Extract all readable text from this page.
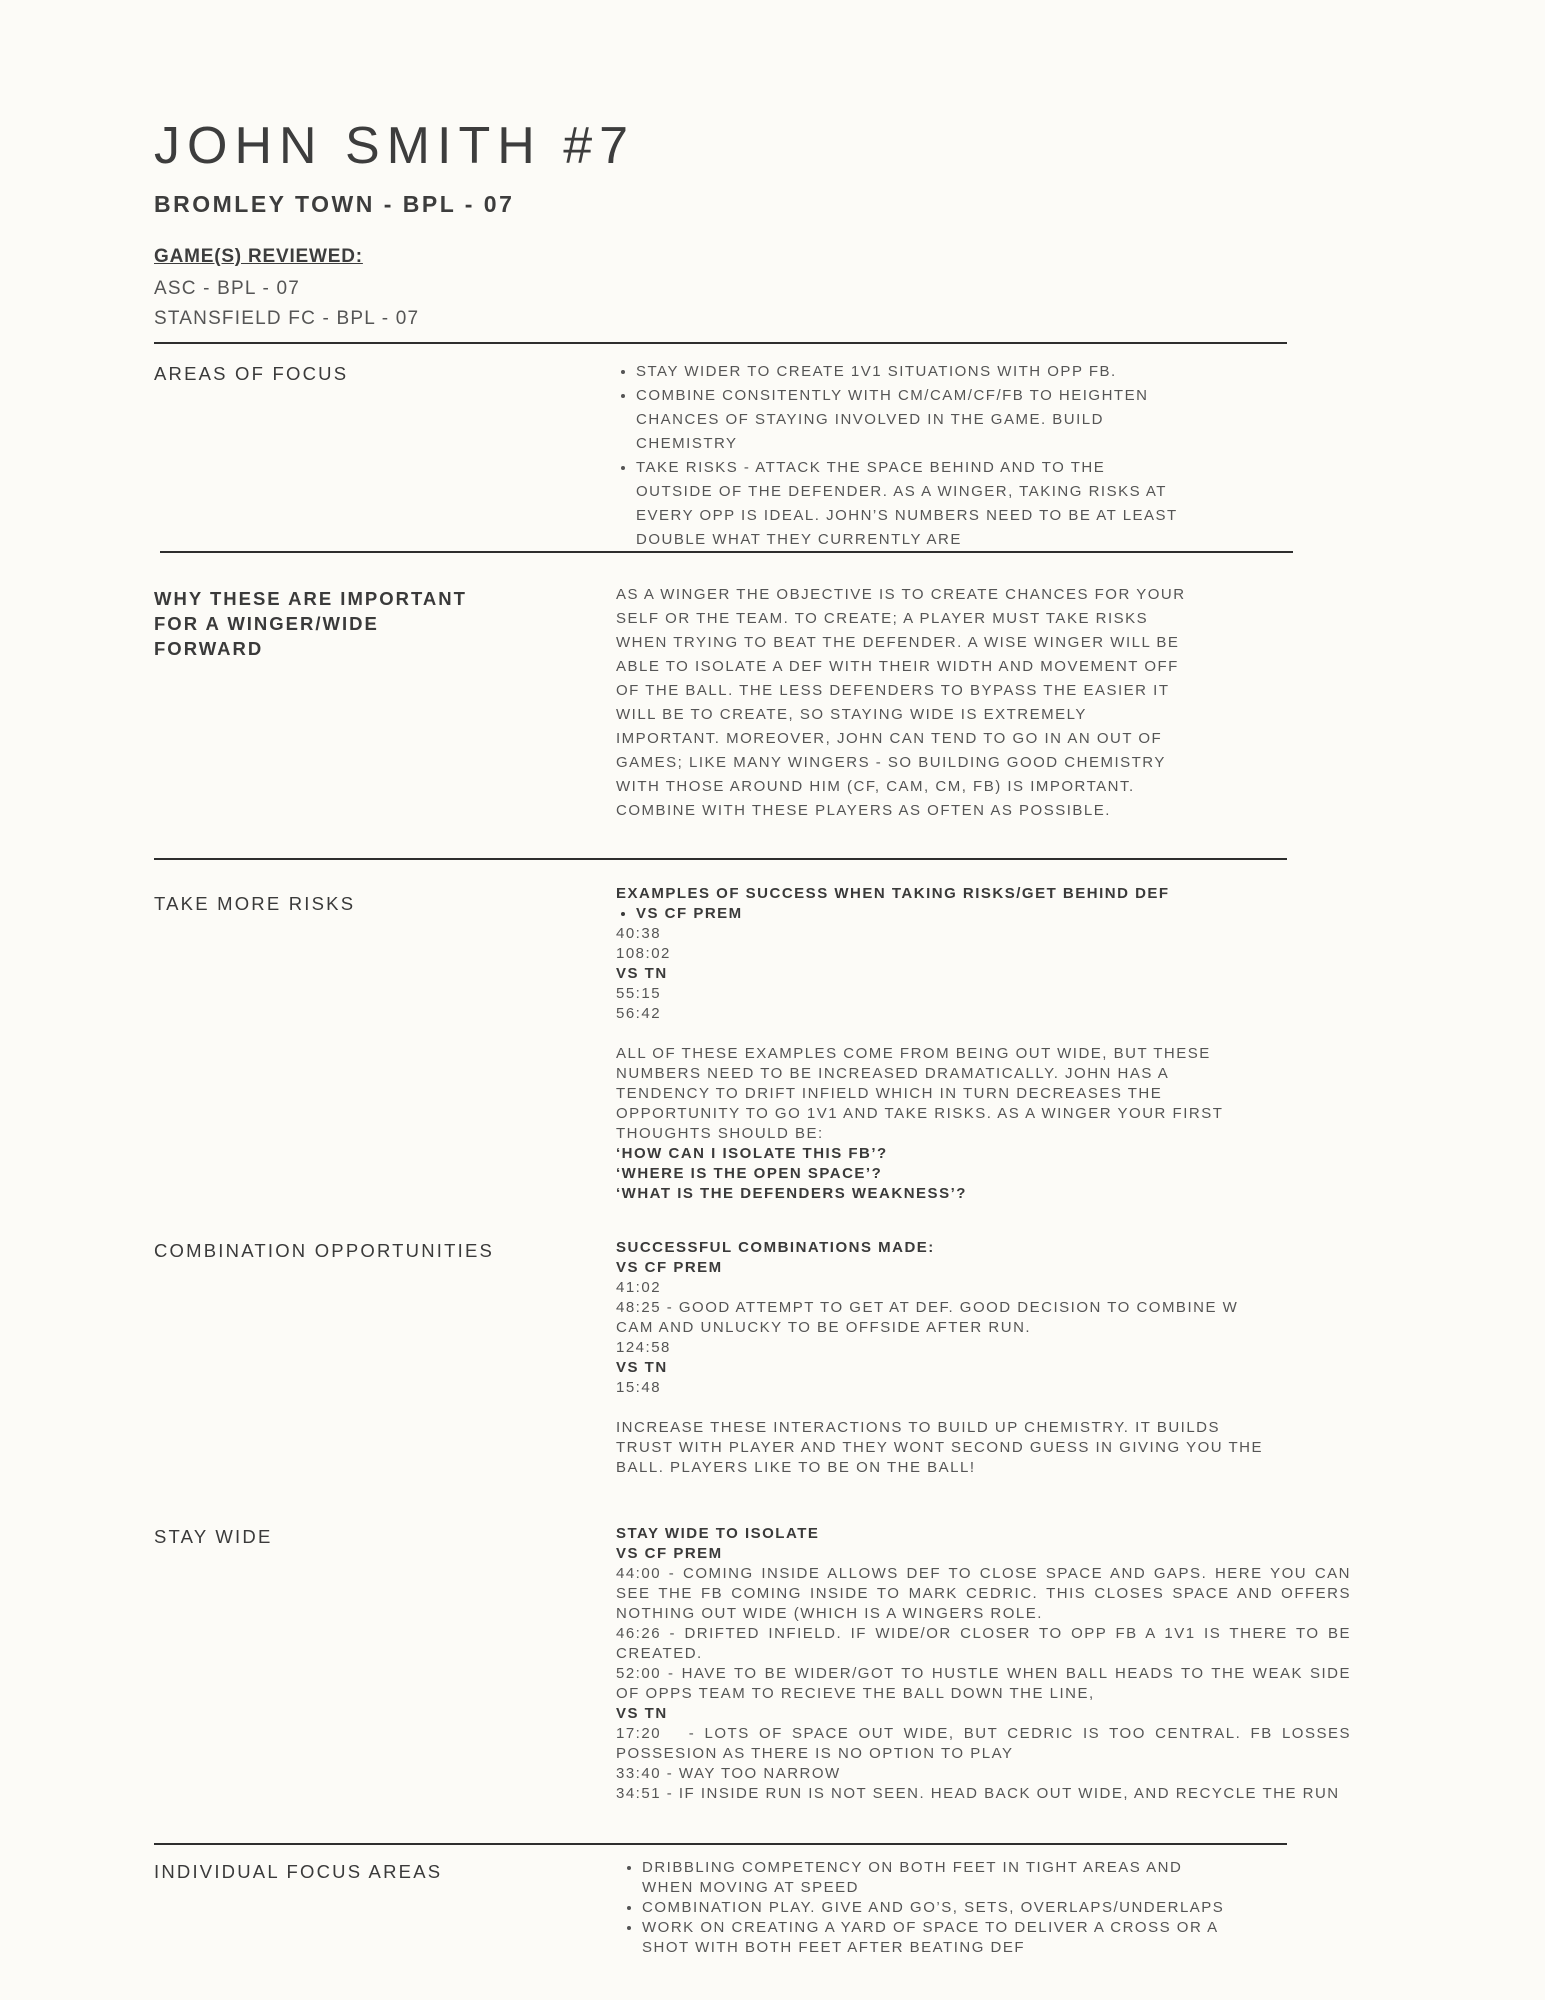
JOHN SMITH #7
BROMLEY TOWN - BPL - 07
GAME(S) REVIEWED:
ASC - BPL - 07
STANSFIELD FC - BPL - 07
AREAS OF FOCUS	• STAY WIDER TO CREATE 1V1 SITUATIONS WITH OPP FB.
• COMBINE CONSITENTLY WITH CM/CAM/CF/FB TO HEIGHTEN CHANCES OF STAYING INVOLVED IN THE GAME. BUILD CHEMISTRY
• TAKE RISKS - ATTACK THE SPACE BEHIND AND TO THE OUTSIDE OF THE DEFENDER. AS A WINGER, TAKING RISKS AT EVERY OPP IS IDEAL. JOHN’S NUMBERS NEED TO BE AT LEAST DOUBLE WHAT THEY CURRENTLY ARE
WHY THESE ARE IMPORTANT FOR A WINGER/WIDE FORWARD
AS A WINGER THE OBJECTIVE IS TO CREATE CHANCES FOR YOUR SELF OR THE TEAM. TO CREATE; A PLAYER MUST TAKE RISKS WHEN TRYING TO BEAT THE DEFENDER. A WISE WINGER WILL BE ABLE TO ISOLATE A DEF WITH THEIR WIDTH AND MOVEMENT OFF OF THE BALL. THE LESS DEFENDERS TO BYPASS THE EASIER IT WILL BE TO CREATE, SO STAYING WIDE IS EXTREMELY IMPORTANT. MOREOVER, JOHN CAN TEND TO GO IN AN OUT OF GAMES; LIKE MANY WINGERS - SO BUILDING GOOD CHEMISTRY WITH THOSE AROUND HIM (CF, CAM, CM, FB) IS IMPORTANT. COMBINE WITH THESE PLAYERS AS OFTEN AS POSSIBLE.
TAKE MORE RISKS	EXAMPLES OF SUCCESS WHEN TAKING RISKS/GET BEHIND DEF
• VS CF PREM
40:38
108:02
VS TN
55:15
56:42
ALL OF THESE EXAMPLES COME FROM BEING OUT WIDE, BUT THESE NUMBERS NEED TO BE INCREASED DRAMATICALLY. JOHN HAS A TENDENCY TO DRIFT INFIELD WHICH IN TURN DECREASES THE OPPORTUNITY TO GO 1V1 AND TAKE RISKS. AS A WINGER YOUR FIRST THOUGHTS SHOULD BE:
‘HOW CAN I ISOLATE THIS FB’?
‘WHERE IS THE OPEN SPACE’?
‘WHAT IS THE DEFENDERS WEAKNESS’?
COMBINATION OPPORTUNITIES	SUCCESSFUL COMBINATIONS MADE:
VS CF PREM
41:02
48:25 - GOOD ATTEMPT TO GET AT DEF. GOOD DECISION TO COMBINE W CAM AND UNLUCKY TO BE OFFSIDE AFTER RUN.
124:58
VS TN
15:48
INCREASE THESE INTERACTIONS TO BUILD UP CHEMISTRY. IT BUILDS TRUST WITH PLAYER AND THEY WONT SECOND GUESS IN GIVING YOU THE BALL. PLAYERS LIKE TO BE ON THE BALL!
STAY WIDE	STAY WIDE TO ISOLATE
VS CF PREM
44:00 - COMING INSIDE ALLOWS DEF TO CLOSE SPACE AND GAPS. HERE YOU CAN SEE THE FB COMING INSIDE TO MARK CEDRIC. THIS CLOSES SPACE AND OFFERS NOTHING OUT WIDE (WHICH IS A WINGERS ROLE.
46:26 - DRIFTED INFIELD. IF WIDE/OR CLOSER TO OPP FB A 1V1 IS THERE TO BE CREATED.
52:00 - HAVE TO BE WIDER/GOT TO HUSTLE WHEN BALL HEADS TO THE WEAK SIDE OF OPPS TEAM TO RECIEVE THE BALL DOWN THE LINE,
VS TN
17:20   - LOTS OF SPACE OUT WIDE, BUT CEDRIC IS TOO CENTRAL. FB LOSSES POSSESION AS THERE IS NO OPTION TO PLAY
33:40 - WAY TOO NARROW
34:51 - IF INSIDE RUN IS NOT SEEN. HEAD BACK OUT WIDE, AND RECYCLE THE RUN
INDIVIDUAL FOCUS AREAS	• DRIBBLING COMPETENCY ON BOTH FEET IN TIGHT AREAS AND WHEN MOVING AT SPEED
• COMBINATION PLAY. GIVE AND GO’S, SETS, OVERLAPS/UNDERLAPS
• WORK ON CREATING A YARD OF SPACE TO DELIVER A CROSS OR A SHOT WITH BOTH FEET AFTER BEATING DEF
